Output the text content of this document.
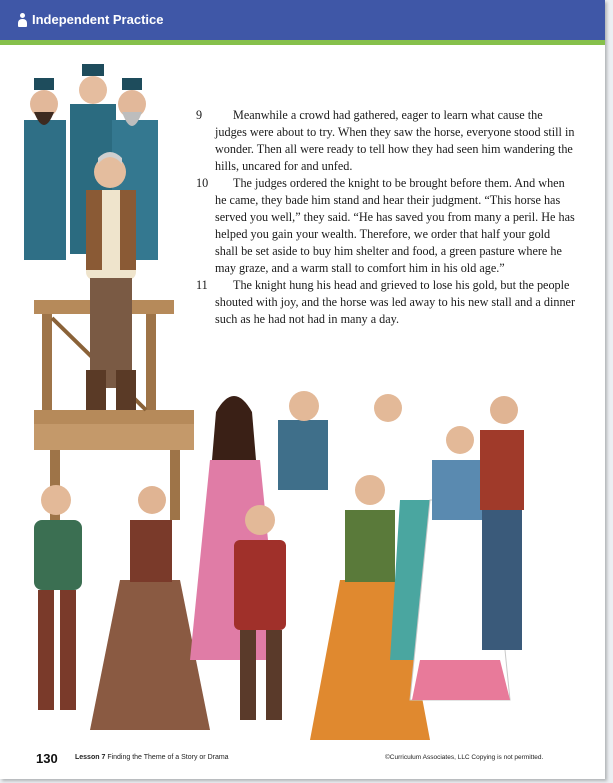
Independent Practice

9	Meanwhile a crowd had gathered, eager to learn what cause the judges were about to try. When they saw the horse, everyone stood still in wonder. Then all were ready to tell how they had seen him wandering the hills, uncared for and unfed.

10	The judges ordered the knight to be brought before them. And when he came, they bade him stand and hear their judgment. “This horse has served you well,” they said. “He has saved you from many a peril. He has helped you gain your wealth. Therefore, we order that half your gold shall be set aside to buy him shelter and food, a green pasture where he may graze, and a warm stall to comfort him in his old age.”

11	The knight hung his head and grieved to lose his gold, but the people shouted with joy, and the horse was led away to his new stall and a dinner such as he had not had in many a day.

130 Lesson 7 Finding the Theme of a Story or Drama	©Curriculum Associates, LLC Copying is not permitted.
